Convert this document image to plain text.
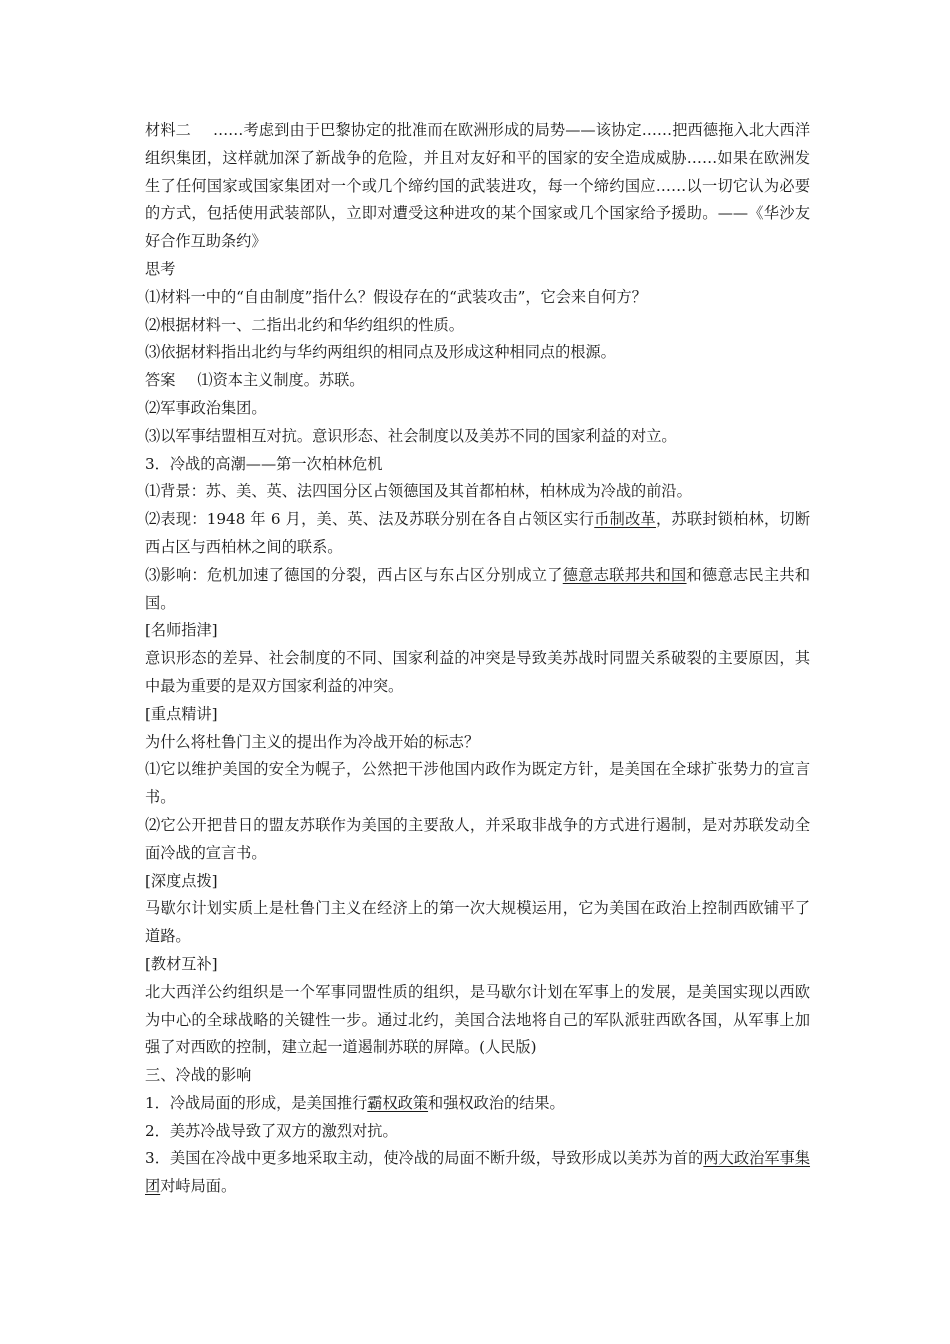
材料二 ……考虑到由于巴黎协定的批准而在欧洲形成的局势——该协定……把西德拖入北大西洋组织集团，这样就加深了新战争的危险，并且对友好和平的国家的安全造成威胁……如果在欧洲发生了任何国家或国家集团对一个或几个缔约国的武装进攻，每一个缔约国应……以一切它认为必要的方式，包括使用武装部队，立即对遭受这种进攻的某个国家或几个国家给予援助。——《华沙友好合作互助条约》

思考

⑴材料一中的“自由制度”指什么？假设存在的“武装攻击”，它会来自何方？

⑵根据材料一、二指出北约和华约组织的性质。

⑶依据材料指出北约与华约两组织的相同点及形成这种相同点的根源。

答案 ⑴资本主义制度。苏联。

⑵军事政治集团。

⑶以军事结盟相互对抗。意识形态、社会制度以及美苏不同的国家利益的对立。

3．冷战的高潮——第一次柏林危机

⑴背景：苏、美、英、法四国分区占领德国及其首都柏林，柏林成为冷战的前沿。

⑵表现：1948 年 6 月，美、英、法及苏联分别在各自占领区实行币制改革，苏联封锁柏林，切断西占区与西柏林之间的联系。

⑶影响：危机加速了德国的分裂，西占区与东占区分别成立了德意志联邦共和国和德意志民主共和国。

[名师指津]

意识形态的差异、社会制度的不同、国家利益的冲突是导致美苏战时同盟关系破裂的主要原因，其中最为重要的是双方国家利益的冲突。

[重点精讲]

为什么将杜鲁门主义的提出作为冷战开始的标志？

⑴它以维护美国的安全为幌子，公然把干涉他国内政作为既定方针，是美国在全球扩张势力的宣言书。

⑵它公开把昔日的盟友苏联作为美国的主要敌人，并采取非战争的方式进行遏制，是对苏联发动全面冷战的宣言书。

[深度点拨]

马歇尔计划实质上是杜鲁门主义在经济上的第一次大规模运用，它为美国在政治上控制西欧铺平了道路。

[教材互补]

北大西洋公约组织是一个军事同盟性质的组织，是马歇尔计划在军事上的发展，是美国实现以西欧为中心的全球战略的关键性一步。通过北约，美国合法地将自己的军队派驻西欧各国，从军事上加强了对西欧的控制，建立起一道遏制苏联的屏障。(人民版)

三、冷战的影响

1．冷战局面的形成，是美国推行霸权政策和强权政治的结果。

2．美苏冷战导致了双方的激烈对抗。

3．美国在冷战中更多地采取主动，使冷战的局面不断升级，导致形成以美苏为首的两大政治军事集团对峙局面。
